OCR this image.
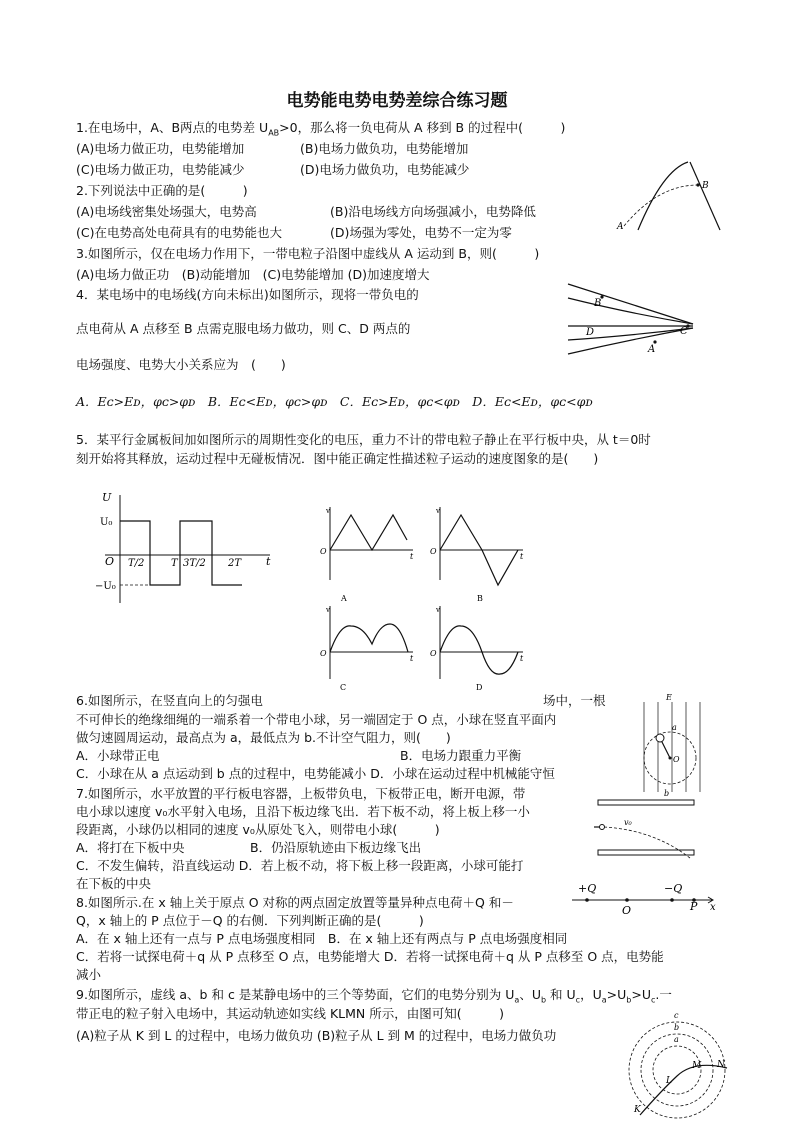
电势能电势电势差综合练习题
1.在电场中，A、B两点的电势差 $U_{AB}>0$，那么将一负电荷从 A 移到 B 的过程中(　　　)
(A)电场力做正功，电势能增加	(B)电场力做负功，电势能增加
(C)电场力做正功，电势能减少	(D)电场力做负功，电势能减少
2.下列说法中正确的是(　　　)
(A)电场线密集处场强大，电势高	(B)沿电场线方向场强减小，电势降低
(C)在电势高处电荷具有的电势能也大	(D)场强为零处，电势不一定为零
3.如图所示，仅在电场力作用下，一带电粒子沿图中虚线从 A 运动到 B，则(　　　)
(A)电场力做正功　(B)动能增加　(C)电势能增加 (D)加速度增大
A
B
4．某电场中的电场线(方向未标出)如图所示，现将一带负电的
点电荷从 A 点移至 B 点需克服电场力做功，则 C、D 两点的
电场强度、电势大小关系应为　(　　)
A．Eᴄ>Eᴅ，φᴄ>φᴅ　B．Eᴄ<Eᴅ，φᴄ>φᴅ　C．Eᴄ>Eᴅ，φᴄ<φᴅ　D．Eᴄ<Eᴅ，φᴄ<φᴅ
B
D	C
A
5．某平行金属板间加如图所示的周期性变化的电压，重力不计的带电粒子静止在平行板中央，从 t＝0时
刻开始将其释放，运动过程中无碰板情况．图中能正确定性描述粒子运动的速度图象的是(　　)
U
U₀
−U₀
O T/2	T 3T/2 2T t
v
O
t
A
v
O
t
B
v
O
t
C
v
O
t
D
6.如图所示，在竖直向上的匀强电	场中，一根
不可伸长的绝缘细绳的一端系着一个带电小球，另一端固定于 O 点，小球在竖直平面内
做匀速圆周运动，最高点为 a，最低点为 b.不计空气阻力，则(　　)
A．小球带正电	B．电场力跟重力平衡
C．小球在从 a 点运动到 b 点的过程中，电势能减小 D．小球在运动过程中机械能守恒
E
a
O
b
7.如图所示，水平放置的平行板电容器，上板带负电，下板带正电，断开电源，带
电小球以速度 v₀水平射入电场，且沿下板边缘飞出．若下板不动，将上板上移一小
段距离，小球仍以相同的速度 v₀从原处飞入，则带电小球(　　　)
A．将打在下板中央	B．仍沿原轨迹由下板边缘飞出
C．不发生偏转，沿直线运动 D．若上板不动，将下板上移一段距离，小球可能打
在下板的中央
v₀
8.如图所示.在 x 轴上关于原点 O 对称的两点固定放置等量异种点电荷＋Q 和－
Q，x 轴上的 P 点位于－Q 的右侧．下列判断正确的是(　　　)
A．在 x 轴上还有一点与 P 点电场强度相同　B．在 x 轴上还有两点与 P 点电场强度相同
C．若将一试探电荷＋q 从 P 点移至 O 点，电势能增大 D．若将一试探电荷＋q 从 P 点移至 O 点，电势能
减小
+Q	−Q
O	P x
9.如图所示，虚线 a、b 和 c 是某静电场中的三个等势面，它们的电势分别为 $U_a$、$U_b$ 和 $U_c$，$U_a>U_b>U_c$.一
带正电的粒子射入电场中，其运动轨迹如实线 KLMN 所示，由图可知(　　　)
(A)粒子从 K 到 L 的过程中，电场力做负功 (B)粒子从 L 到 M 的过程中，电场力做负功
c
b
a
L
M N
K
